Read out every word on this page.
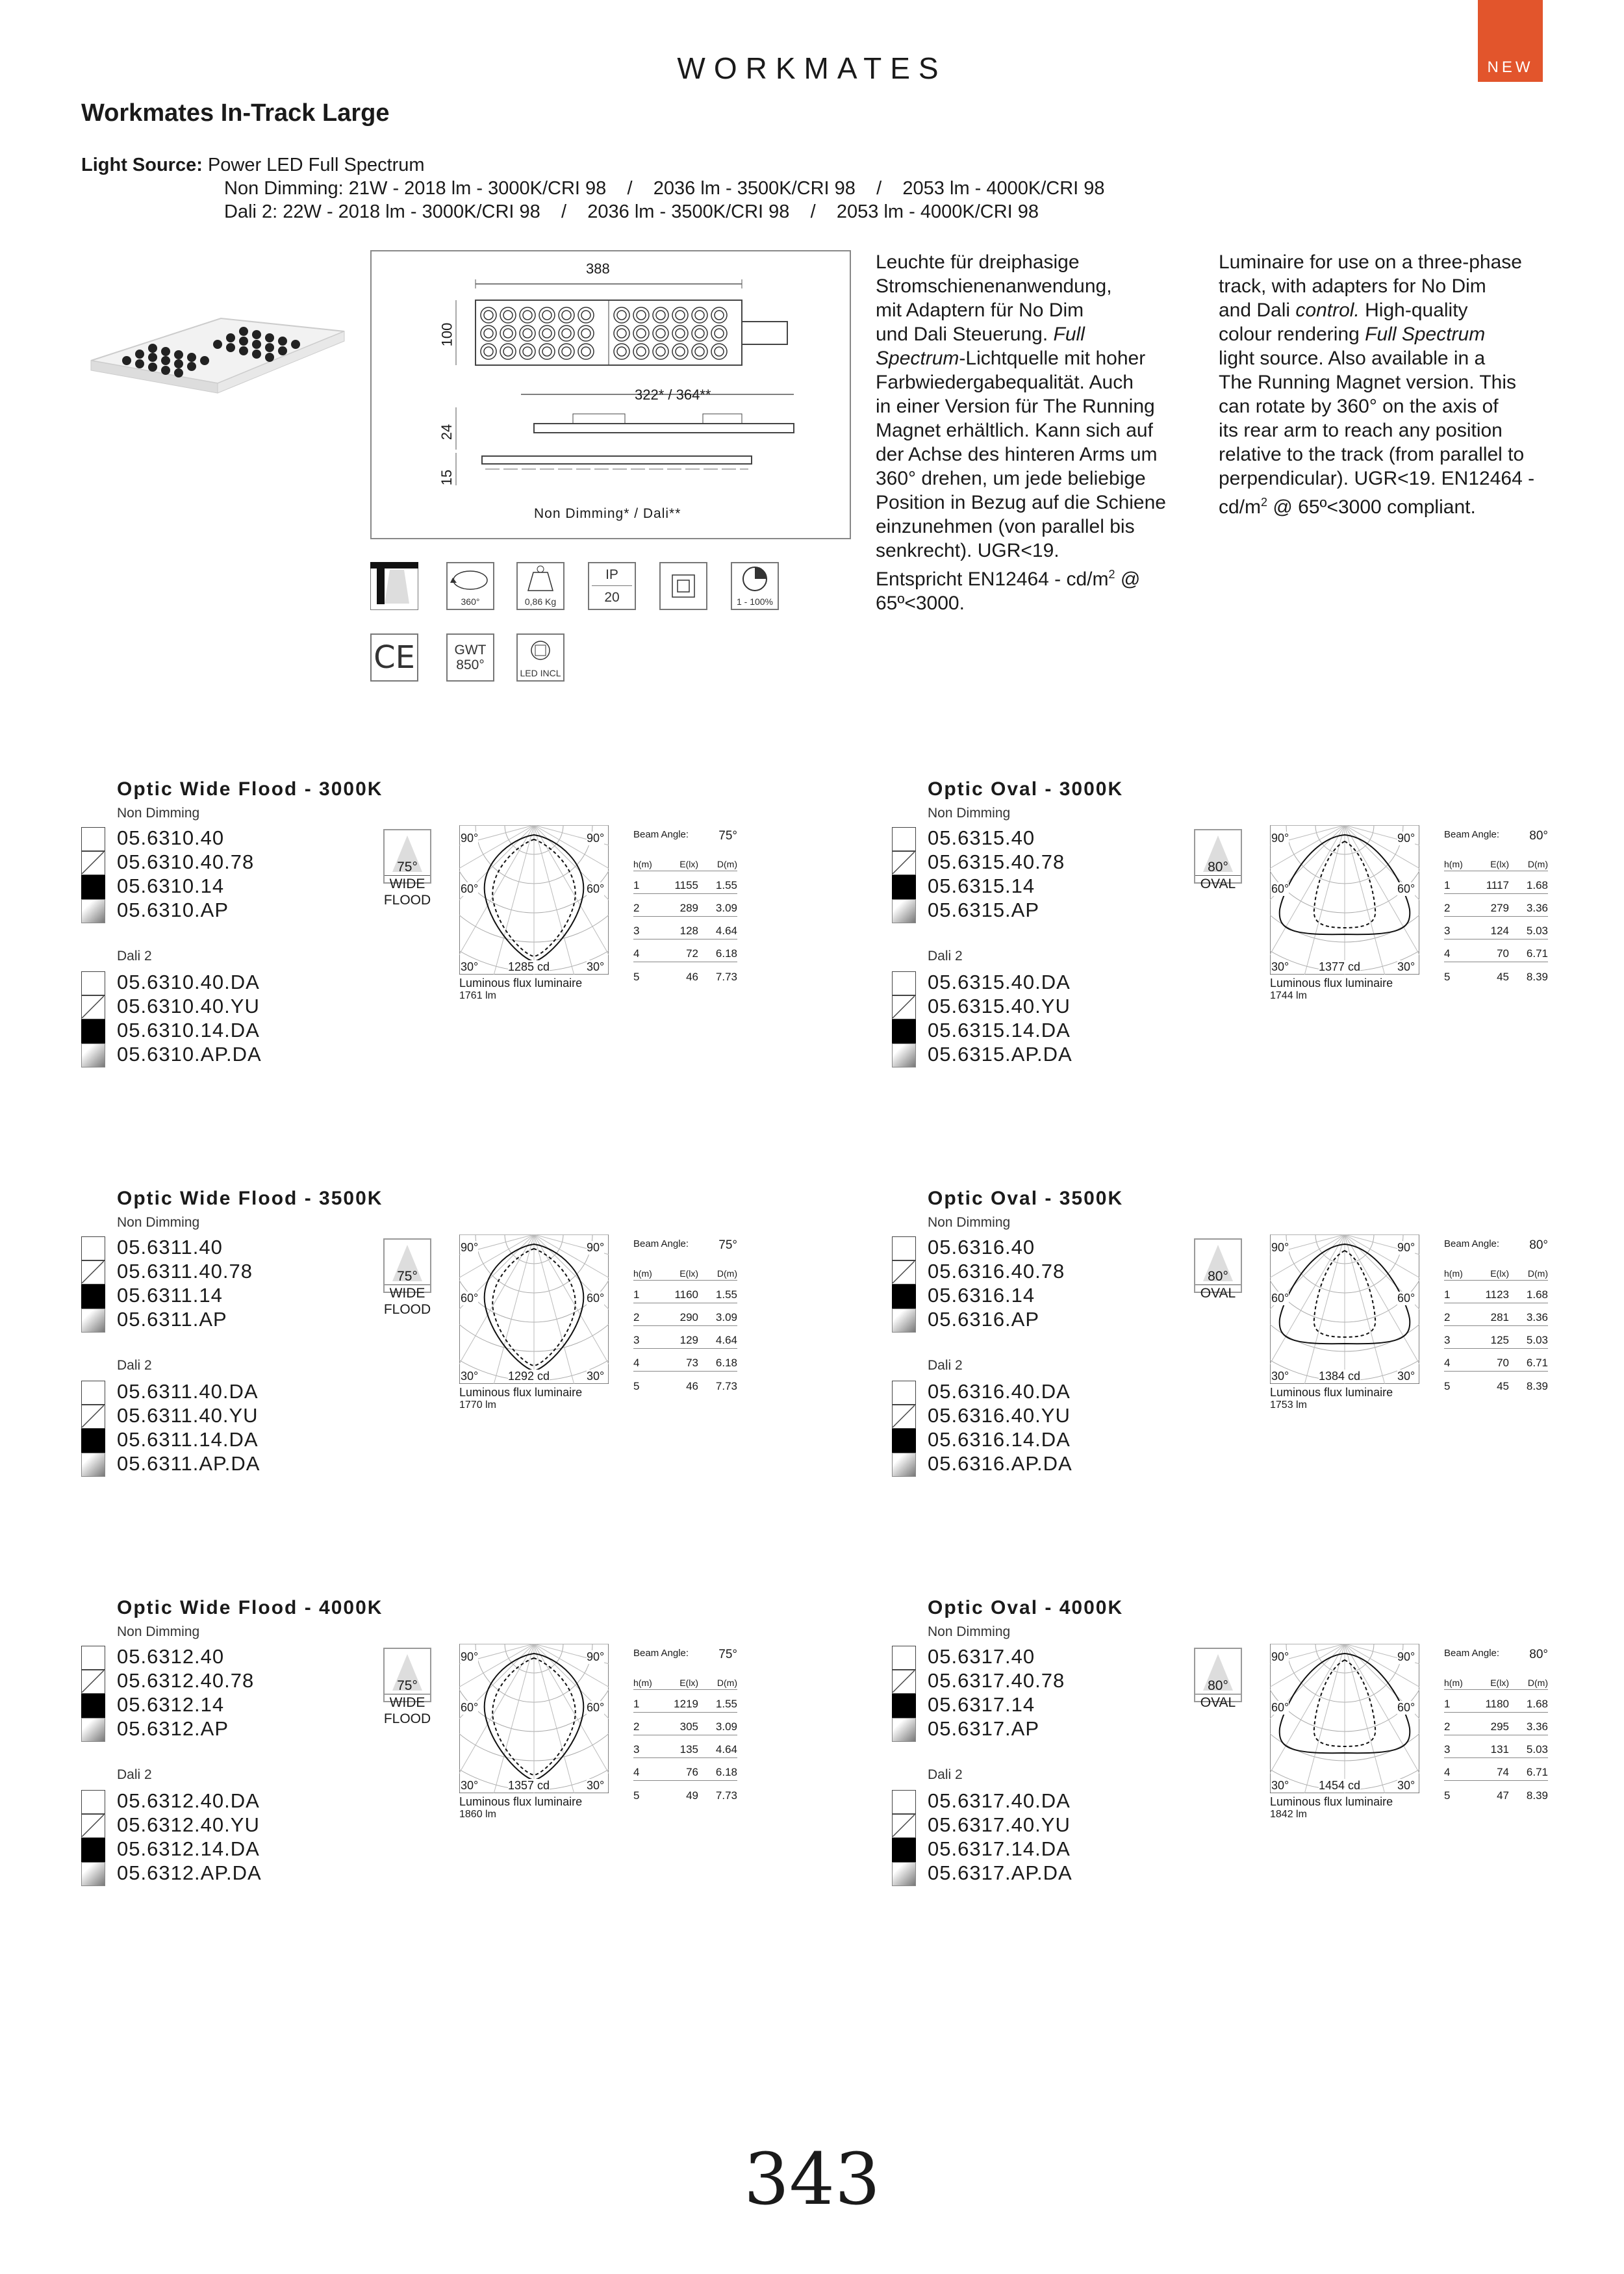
NEW
WORKMATES
Workmates In-Track Large
Light Source: Power LED Full Spectrum
Non Dimming: 21W - 2018 lm - 3000K/CRI 98    /    2036 lm - 3500K/CRI 98    /    2053 lm - 4000K/CRI 98
Dali 2: 22W - 2018 lm - 3000K/CRI 98    /    2036 lm - 3500K/CRI 98    /    2053 lm - 4000K/CRI 98
388
100
322* / 364**
24
15
Non Dimming* / Dali**
360°	0,86 Kg
IP
20	1 - 100%
CE	GWT
850°
LED INCL
Leuchte für dreiphasige
Stromschienenanwendung,
mit Adaptern für No Dim
und Dali Steuerung. Full
Spectrum-Lichtquelle mit hoher
Farbwiedergabequalität. Auch
in einer Version für The Running
Magnet erhältlich. Kann sich auf
der Achse des hinteren Arms um
360° drehen, um jede beliebige
Position in Bezug auf die Schiene
einzunehmen (von parallel bis
senkrecht). UGR<19.
Entspricht $EN12464 - cd/m^2$ @
65º<3000.
Luminaire for use on a three-phase
track, with adapters for No Dim
and Dali control. High-quality
colour rendering Full Spectrum
light source. Also available in a
The Running Magnet version. This
can rotate by 360° on the axis of
its rear arm to reach any position
relative to the track (from parallel to
perpendicular). UGR<19. EN12464 -
$cd/m^2$ @ 65º<3000 compliant.
Optic Wide Flood - 3000K
Non Dimming
05.6310.40
05.6310.40.78
05.6310.14
05.6310.AP
Dali 2
05.6310.40.DA
05.6310.40.YU
05.6310.14.DA
05.6310.AP.DA
75°
WIDE
FLOOD
90°	90°
60°	60°
30°	30°
1285 cd
Luminous flux luminaire
1761 lm
Beam Angle: 75°
h(m)	E(lx)	D(m)
1	1155	1.55
2	289	3.09
3	128	4.64
4	72	6.18
5	46	7.73
Optic Oval - 3000K
Non Dimming
05.6315.40
05.6315.40.78
05.6315.14
05.6315.AP
Dali 2
05.6315.40.DA
05.6315.40.YU
05.6315.14.DA
05.6315.AP.DA
80°
OVAL
90°	90°
60°	60°
30°	30°
1377 cd
Luminous flux luminaire
1744 lm
Beam Angle: 80°
h(m)	E(lx)	D(m)
1	1117	1.68
2	279	3.36
3	124	5.03
4	70	6.71
5	45	8.39
Optic Wide Flood - 3500K
Non Dimming
05.6311.40
05.6311.40.78
05.6311.14
05.6311.AP
Dali 2
05.6311.40.DA
05.6311.40.YU
05.6311.14.DA
05.6311.AP.DA
75°
WIDE
FLOOD
90°	90°
60°	60°
30°	30°
1292 cd
Luminous flux luminaire
1770 lm
Beam Angle: 75°
h(m)	E(lx)	D(m)
1	1160	1.55
2	290	3.09
3	129	4.64
4	73	6.18
5	46	7.73
Optic Oval - 3500K
Non Dimming
05.6316.40
05.6316.40.78
05.6316.14
05.6316.AP
Dali 2
05.6316.40.DA
05.6316.40.YU
05.6316.14.DA
05.6316.AP.DA
80°
OVAL
90°	90°
60°	60°
30°	30°
1384 cd
Luminous flux luminaire
1753 lm
Beam Angle: 80°
h(m)	E(lx)	D(m)
1	1123	1.68
2	281	3.36
3	125	5.03
4	70	6.71
5	45	8.39
Optic Wide Flood - 4000K
Non Dimming
05.6312.40
05.6312.40.78
05.6312.14
05.6312.AP
Dali 2
05.6312.40.DA
05.6312.40.YU
05.6312.14.DA
05.6312.AP.DA
75°
WIDE
FLOOD
90°	90°
60°	60°
30°	30°
1357 cd
Luminous flux luminaire
1860 lm
Beam Angle: 75°
h(m)	E(lx)	D(m)
1	1219	1.55
2	305	3.09
3	135	4.64
4	76	6.18
5	49	7.73
Optic Oval - 4000K
Non Dimming
05.6317.40
05.6317.40.78
05.6317.14
05.6317.AP
Dali 2
05.6317.40.DA
05.6317.40.YU
05.6317.14.DA
05.6317.AP.DA
80°
OVAL
90°	90°
60°	60°
30°	30°
1454 cd
Luminous flux luminaire
1842 lm
Beam Angle: 80°
h(m)	E(lx)	D(m)
1	1180	1.68
2	295	3.36
3	131	5.03
4	74	6.71
5	47	8.39
343
